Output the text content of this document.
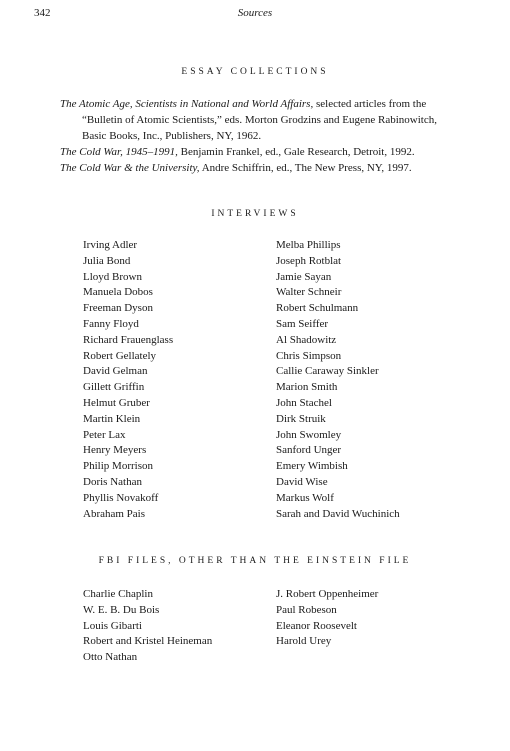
342	Sources
ESSAY COLLECTIONS

The Atomic Age, Scientists in National and World Affairs, selected articles from the “Bulletin of Atomic Scientists,” eds. Morton Grodzins and Eugene Rabinowitch, Basic Books, Inc., Publishers, NY, 1962.

The Cold War, 1945–1991, Benjamin Frankel, ed., Gale Research, Detroit, 1992.

The Cold War & the University, Andre Schiffrin, ed., The New Press, NY, 1997.

INTERVIEWS
Irving Adler
Julia Bond
Lloyd Brown
Manuela Dobos
Freeman Dyson
Fanny Floyd
Richard Frauenglass
Robert Gellately
David Gelman
Gillett Griffin
Helmut Gruber
Martin Klein
Peter Lax
Henry Meyers
Philip Morrison
Doris Nathan
Phyllis Novakoff
Abraham Pais
Melba Phillips
Joseph Rotblat
Jamie Sayan
Walter Schneir
Robert Schulmann
Sam Seiffer
Al Shadowitz
Chris Simpson
Callie Caraway Sinkler
Marion Smith
John Stachel
Dirk Struik
John Swomley
Sanford Unger
Emery Wimbish
David Wise
Markus Wolf
Sarah and David Wuchinich
FBI FILES, OTHER THAN THE EINSTEIN FILE
Charlie Chaplin
W. E. B. Du Bois
Louis Gibarti
Robert and Kristel Heineman
Otto Nathan
J. Robert Oppenheimer
Paul Robeson
Eleanor Roosevelt
Harold Urey
